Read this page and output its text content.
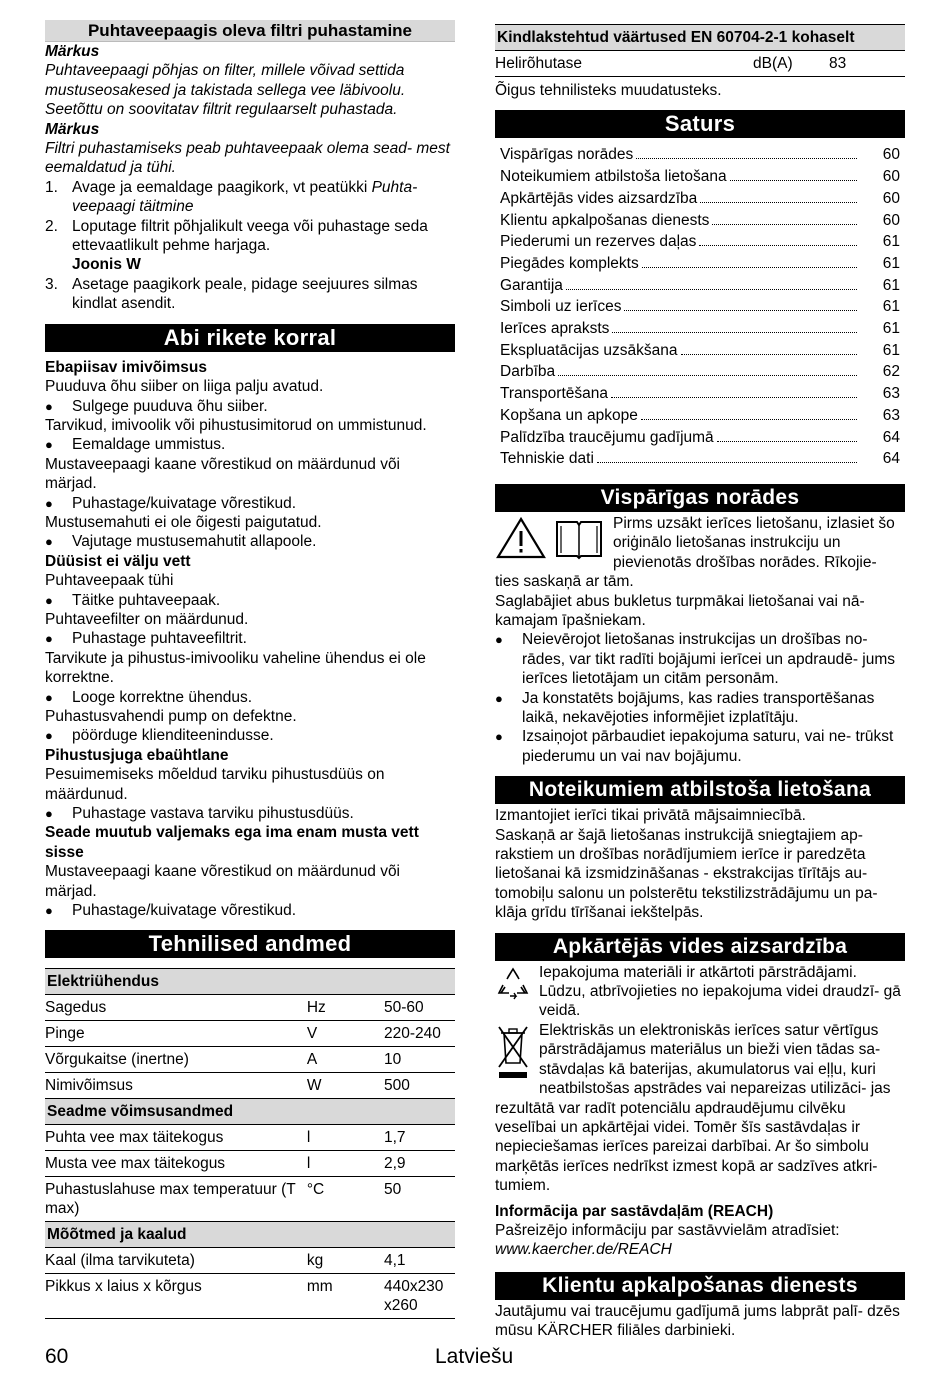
Puhtaveepaagis oleva filtri puhastamine

Märkus

Puhtaveepaagi põhjas on filter, millele võivad settida mustuseosakesed ja takistada sellega vee läbivoolu. Seetõttu on soovitatav filtrit regulaarselt puhastada.

Märkus

Filtri puhastamiseks peab puhtaveepaak olema sead- mest eemaldatud ja tühi.

1. Avage ja eemaldage paagikork, vt peatükki Puhta- veepaagi täitmine
2. Loputage filtrit põhjalikult veega või puhastage seda ettevaatlikult pehme harjaga.

Joonis W

3. Asetage paagikork peale, pidage seejuures silmas kindlat asendit.
Abi rikete korral

Ebapiisav imivõimsus

Puuduva õhu siiber on liiga palju avatud.

●	Sulgege puuduva õhu siiber.

Tarvikud, imivoolik või pihustusimitorud on ummistunud.

●	Eemaldage ummistus.

Mustaveepaagi kaane võrestikud on määrdunud või märjad.

●	Puhastage/kuivatage võrestikud.

Mustusemahuti ei ole õigesti paigutatud.

●	Vajutage mustusemahutit allapoole.

Düüsist ei välju vett

Puhtaveepaak tühi

●	Täitke puhtaveepaak.

Puhtaveefilter on määrdunud.

●	Puhastage puhtaveefiltrit.

Tarvikute ja pihustus-imivooliku vaheline ühendus ei ole korrektne.

●	Looge korrektne ühendus.

Puhastusvahendi pump on defektne.

●	pöörduge klienditeenindusse.

Pihustusjuga ebaühtlane

Pesuimemiseks mõeldud tarviku pihustusdüüs on määrdunud.

●	Puhastage vastava tarviku pihustusdüüs.

Seade muutub valjemaks ega ima enam musta vett sisse

Mustaveepaagi kaane võrestikud on määrdunud või märjad.

●	Puhastage/kuivatage võrestikud.
Tehnilised andmed
Elektriühendus		
Sagedus	Hz	50-60
Pinge	V	220-240
Võrgukaitse (inertne)	A	10
Nimivõimsus	W	500
Seadme võimsusandmed		
Puhta vee max täitekogus	l	1,7
Musta vee max täitekogus	l	2,9
Puhastuslahuse max temperatuur (T max)	°C	50
Mõõtmed ja kaalud		
Kaal (ilma tarvikuteta)	kg	4,1
Pikkus x laius x kõrgus	mm	440x230 x260
Kindlakstehtud väärtused EN 60704-2-1 kohaselt
Helirõhutase	dB(A)	83

Õigus tehnilisteks muudatusteks.

Saturs
Vispārīgas norādes	60
Noteikumiem atbilstoša lietošana	60
Apkārtējās vides aizsardzība	60
Klientu apkalpošanas dienests	60
Piederumi un rezerves daļas	61
Piegādes komplekts	61
Garantija	61
Simboli uz ierīces	61
Ierīces apraksts	61
Ekspluatācijas uzsākšana	61
Darbība	62
Transportēšana	63
Kopšana un apkope	63
Palīdzība traucējumu gadījumā	64
Tehniskie dati	64
Vispārīgas norādes
Pirms uzsākt ierīces lietošanu, izlasiet šo oriģinālo lietošanas instrukciju un pievienotās drošības norādes. Rīkojie- ties saskaņā ar tām.

Saglabājiet abus bukletus turpmākai lietošanai vai nā- kamajam īpašniekam.

●	Neievērojot lietošanas instrukcijas un drošības no- rādes, var tikt radīti bojājumi ierīcei un apdraudē- jums ierīces lietotājam un citām personām.
●	Ja konstatēts bojājums, kas radies transportēšanas laikā, nekavējoties informējiet izplatītāju.
●	Izsaiņojot pārbaudiet iepakojuma saturu, vai ne- trūkst piederumu un vai nav bojājumu.
Noteikumiem atbilstoša lietošana

Izmantojiet ierīci tikai privātā mājsaimniecībā.

Saskaņā ar šajā lietošanas instrukcijā sniegtajiem ap- rakstiem un drošības norādījumiem ierīce ir paredzēta lietošanai kā izsmidzināšanas - ekstrakcijas tīrītājs au- tomobiļu salonu un polsterētu tekstilizstrādājumu un pa- klāja grīdu tīrīšanai iekštelpās.

Apkārtējās vides aizsardzība
Iepakojuma materiāli ir atkārtoti pārstrādājami. Lūdzu, atbrīvojieties no iepakojuma videi draudzī- gā veidā.
Elektriskās un elektroniskās ierīces satur vērtīgus pārstrādājamus materiālus un bieži vien tādas sa- stāvdaļas kā baterijas, akumulatorus vai eļļu, kuri neatbilstošas apstrādes vai nepareizas utilizāci- jas rezultātā var radīt potenciālu apdraudējumu cilvēku veselībai un apkārtējai videi. Tomēr šīs sastāvdaļas ir nepieciešamas ierīces pareizai darbībai. Ar šo simbolu marķētās ierīces nedrīkst izmest kopā ar sadzīves atkri- tumiem.

Informācija par sastāvdaļām (REACH)

Pašreizējo informāciju par sastāvvielām atradīsiet:

www.kaercher.de/REACH

Klientu apkalpošanas dienests

Jautājumu vai traucējumu gadījumā jums labprāt palī- dzēs mūsu KÄRCHER filiāles darbinieki.

60	Latviešu
